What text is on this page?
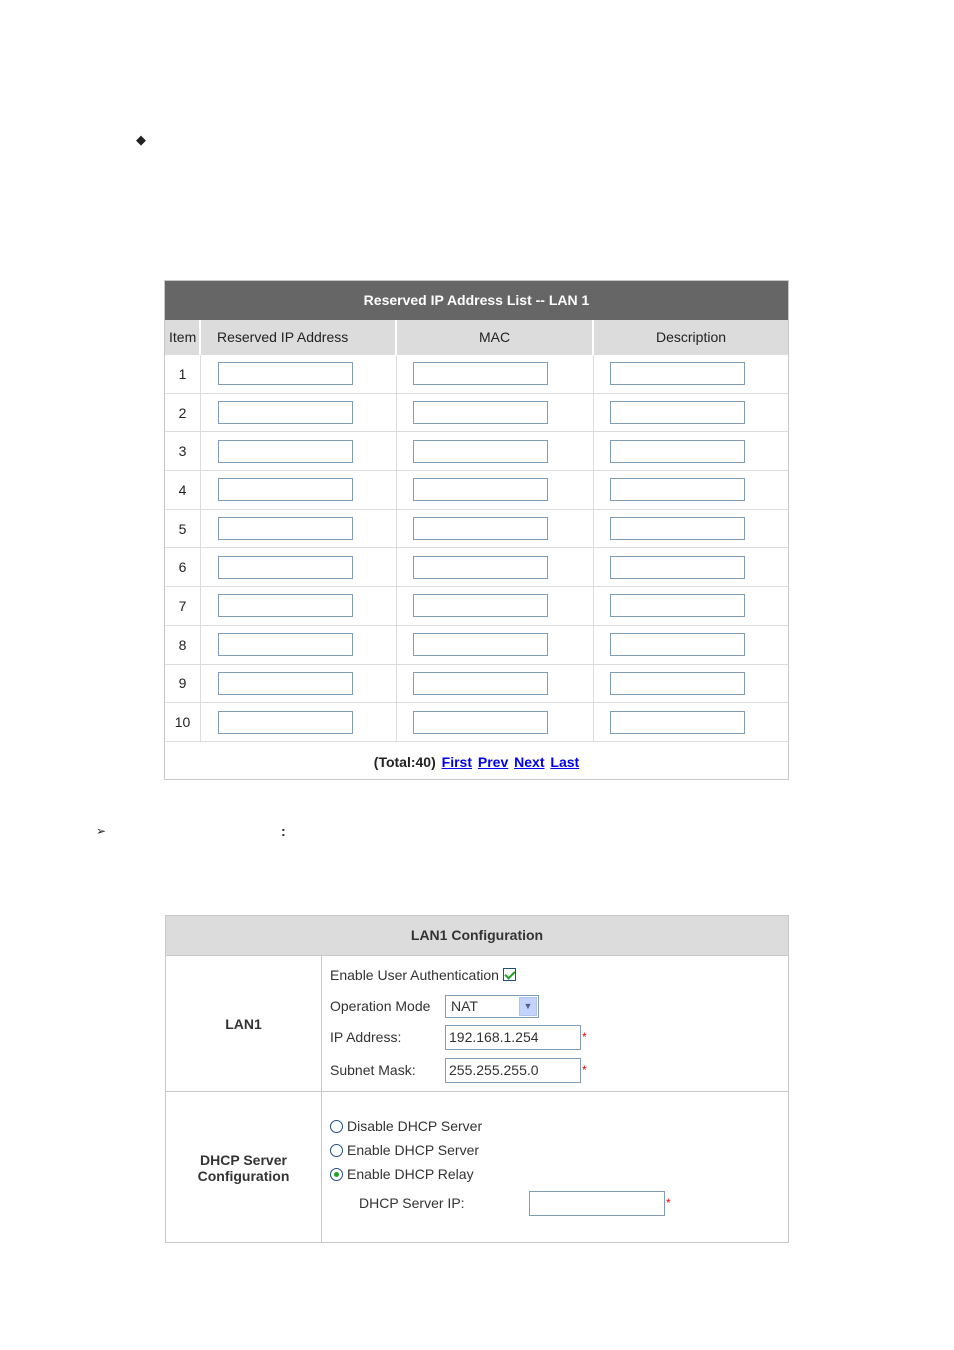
◆
Reserved IP Address List -- LAN 1
Item	Reserved IP Address	MAC	Description
1
2
3
4
5
6
7
8
9
10
(Total:40) First Prev Next Last
➢	:
LAN1 Configuration
LAN1
Enable User Authentication
Operation Mode NAT	▼
IP Address:	192.168.1.254	*
Subnet Mask: 255.255.255.0	*
DHCP Server
Configuration
Disable DHCP Server
Enable DHCP Server
Enable DHCP Relay
DHCP Server IP:	*
